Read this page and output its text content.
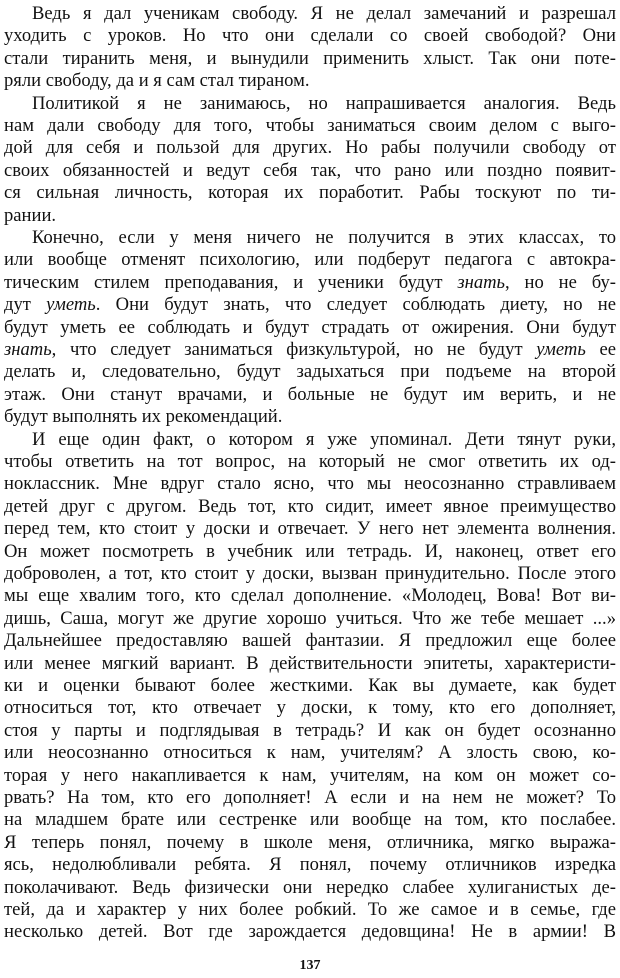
Ведь я дал ученикам свободу. Я не делал замечаний и разрешал
уходить с уроков. Но что они сделали со своей свободой? Они
стали тиранить меня, и вынудили применить хлыст. Так они поте-
ряли свободу, да и я сам стал тираном.
Политикой я не занимаюсь, но напрашивается аналогия. Ведь
нам дали свободу для того, чтобы заниматься своим делом с выго-
дой для себя и пользой для других. Но рабы получили свободу от
своих обязанностей и ведут себя так, что рано или поздно появит-
ся сильная личность, которая их поработит. Рабы тоскуют по ти-
рании.
Конечно, если у меня ничего не получится в этих классах, то
или вообще отменят психологию, или подберут педагога с автокра-
тическим стилем преподавания, и ученики будут знать, но не бу-
дут уметь. Они будут знать, что следует соблюдать диету, но не
будут уметь ее соблюдать и будут страдать от ожирения. Они будут
знать, что следует заниматься физкультурой, но не будут уметь ее
делать и, следовательно, будут задыхаться при подъеме на второй
этаж. Они станут врачами, и больные не будут им верить, и не
будут выполнять их рекомендаций.
И еще один факт, о котором я уже упоминал. Дети тянут руки,
чтобы ответить на тот вопрос, на который не смог ответить их од-
ноклассник. Мне вдруг стало ясно, что мы неосознанно стравливаем
детей друг с другом. Ведь тот, кто сидит, имеет явное преимущество
перед тем, кто стоит у доски и отвечает. У него нет элемента волнения.
Он может посмотреть в учебник или тетрадь. И, наконец, ответ его
доброволен, а тот, кто стоит у доски, вызван принудительно. После этого
мы еще хвалим того, кто сделал дополнение. «Молодец, Вова! Вот ви-
дишь, Саша, могут же другие хорошо учиться. Что же тебе мешает ...»
Дальнейшее предоставляю вашей фантазии. Я предложил еще более
или менее мягкий вариант. В действительности эпитеты, характеристи-
ки и оценки бывают более жесткими. Как вы думаете, как будет
относиться тот, кто отвечает у доски, к тому, кто его дополняет,
стоя у парты и подглядывая в тетрадь? И как он будет осознанно
или неосознанно относиться к нам, учителям? А злость свою, ко-
торая у него накапливается к нам, учителям, на ком он может со-
рвать? На том, кто его дополняет! А если и на нем не может? То
на младшем брате или сестренке или вообще на том, кто послабее.
Я теперь понял, почему в школе меня, отличника, мягко выража-
ясь, недолюбливали ребята. Я понял, почему отличников изредка
поколачивают. Ведь физически они нередко слабее хулиганистых де-
тей, да и характер у них более робкий. То же самое и в семье, где
несколько детей. Вот где зарождается дедовщина! Не в армии! В
137
